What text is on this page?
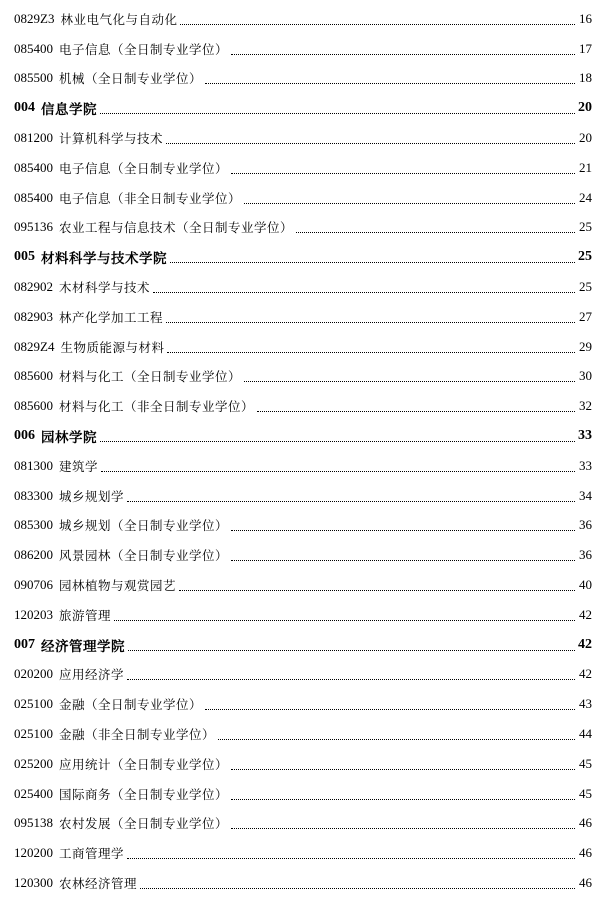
0829Z3 林业电气化与自动化	16
085400 电子信息（全日制专业学位）	17
085500 机械（全日制专业学位）	18
004 信息学院	20
081200 计算机科学与技术	20
085400 电子信息（全日制专业学位）	21
085400 电子信息（非全日制专业学位）	24
095136 农业工程与信息技术（全日制专业学位）	25
005 材料科学与技术学院	25
082902 木材科学与技术	25
082903 林产化学加工工程	27
0829Z4 生物质能源与材料	29
085600 材料与化工（全日制专业学位）	30
085600 材料与化工（非全日制专业学位）	32
006 园林学院	33
081300 建筑学	33
083300 城乡规划学	34
085300 城乡规划（全日制专业学位）	36
086200 风景园林（全日制专业学位）	36
090706 园林植物与观赏园艺	40
120203 旅游管理	42
007 经济管理学院	42
020200 应用经济学	42
025100 金融（全日制专业学位）	43
025100 金融（非全日制专业学位）	44
025200 应用统计（全日制专业学位）	45
025400 国际商务（全日制专业学位）	45
095138 农村发展（全日制专业学位）	46
120200 工商管理学	46
120300 农林经济管理	46
